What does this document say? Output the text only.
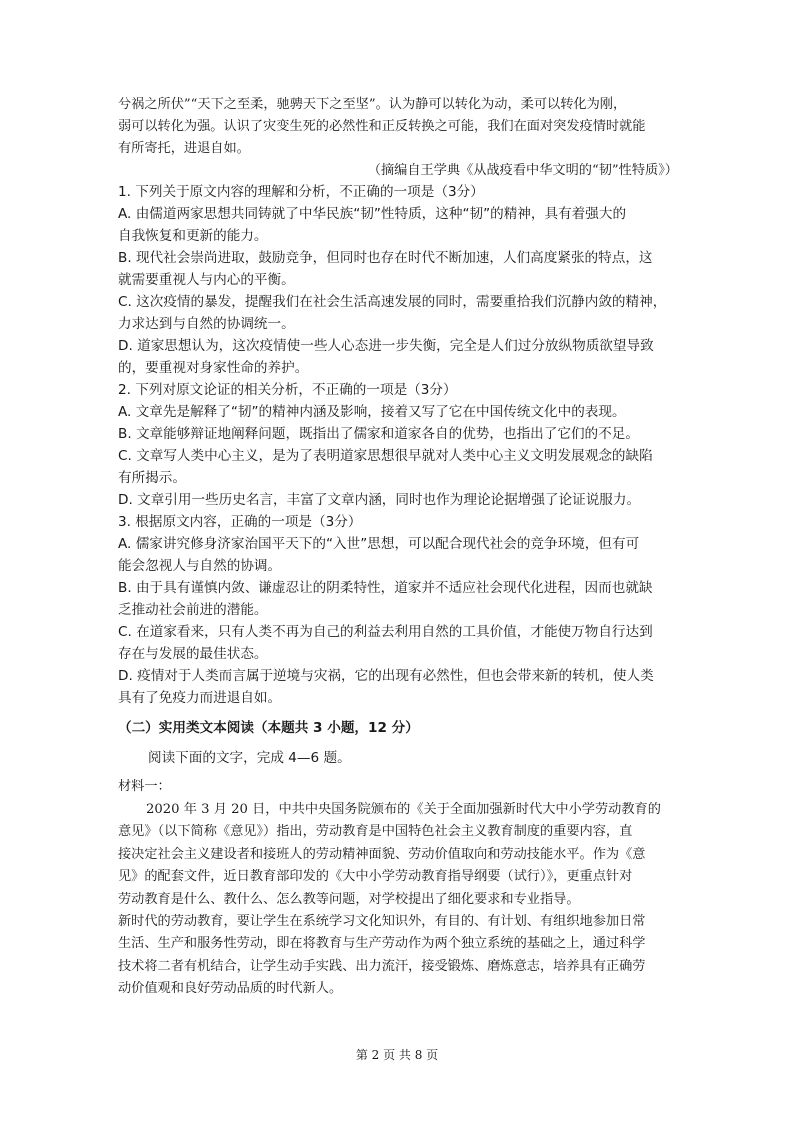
兮祸之所伏”“天下之至柔，驰骋天下之至坚”。认为静可以转化为动，柔可以转化为刚，

弱可以转化为强。认识了灾变生死的必然性和正反转换之可能，我们在面对突发疫情时就能

有所寄托，进退自如。

（摘编自王学典《从战疫看中华文明的“韧”性特质》）

1. 下列关于原文内容的理解和分析，不正确的一项是（3分）

A. 由儒道两家思想共同铸就了中华民族“韧”性特质，这种“韧”的精神，具有着强大的

自我恢复和更新的能力。

B. 现代社会崇尚进取，鼓励竞争，但同时也存在时代不断加速，人们高度紧张的特点，这

就需要重视人与内心的平衡。

C. 这次疫情的暴发，提醒我们在社会生活高速发展的同时，需要重拾我们沉静内敛的精神，

力求达到与自然的协调统一。

D. 道家思想认为，这次疫情使一些人心态进一步失衡，完全是人们过分放纵物质欲望导致

的，要重视对身家性命的养护。

2. 下列对原文论证的相关分析，不正确的一项是（3分）

A. 文章先是解释了“韧”的精神内涵及影响，接着又写了它在中国传统文化中的表现。

B. 文章能够辩证地阐释问题，既指出了儒家和道家各自的优势，也指出了它们的不足。

C. 文章写人类中心主义，是为了表明道家思想很早就对人类中心主义文明发展观念的缺陷

有所揭示。

D. 文章引用一些历史名言，丰富了文章内涵，同时也作为理论论据增强了论证说服力。

3. 根据原文内容，正确的一项是（3分）

A. 儒家讲究修身济家治国平天下的“入世”思想，可以配合现代社会的竞争环境，但有可

能会忽视人与自然的协调。

B. 由于具有谨慎内敛、谦虚忍让的阴柔特性，道家并不适应社会现代化进程，因而也就缺

乏推动社会前进的潜能。

C. 在道家看来，只有人类不再为自己的利益去利用自然的工具价值，才能使万物自行达到

存在与发展的最佳状态。

D. 疫情对于人类而言属于逆境与灾祸，它的出现有必然性，但也会带来新的转机，使人类

具有了免疫力而进退自如。

（二）实用类文本阅读（本题共 3 小题，12 分）
阅读下面的文字，完成 4—6 题。
材料一：

2020 年 3 月 20 日，中共中央国务院颁布的《关于全面加强新时代大中小学劳动教育的

意见》（以下简称《意见》）指出，劳动教育是中国特色社会主义教育制度的重要内容，直

接决定社会主义建设者和接班人的劳动精神面貌、劳动价值取向和劳动技能水平。作为《意

见》的配套文件，近日教育部印发的《大中小学劳动教育指导纲要（试行）》，更重点针对

劳动教育是什么、教什么、怎么教等问题，对学校提出了细化要求和专业指导。

新时代的劳动教育，要让学生在系统学习文化知识外，有目的、有计划、有组织地参加日常

生活、生产和服务性劳动，即在将教育与生产劳动作为两个独立系统的基础之上，通过科学

技术将二者有机结合，让学生动手实践、出力流汗，接受锻炼、磨炼意志，培养具有正确劳

动价值观和良好劳动品质的时代新人。

第 2 页 共 8 页
